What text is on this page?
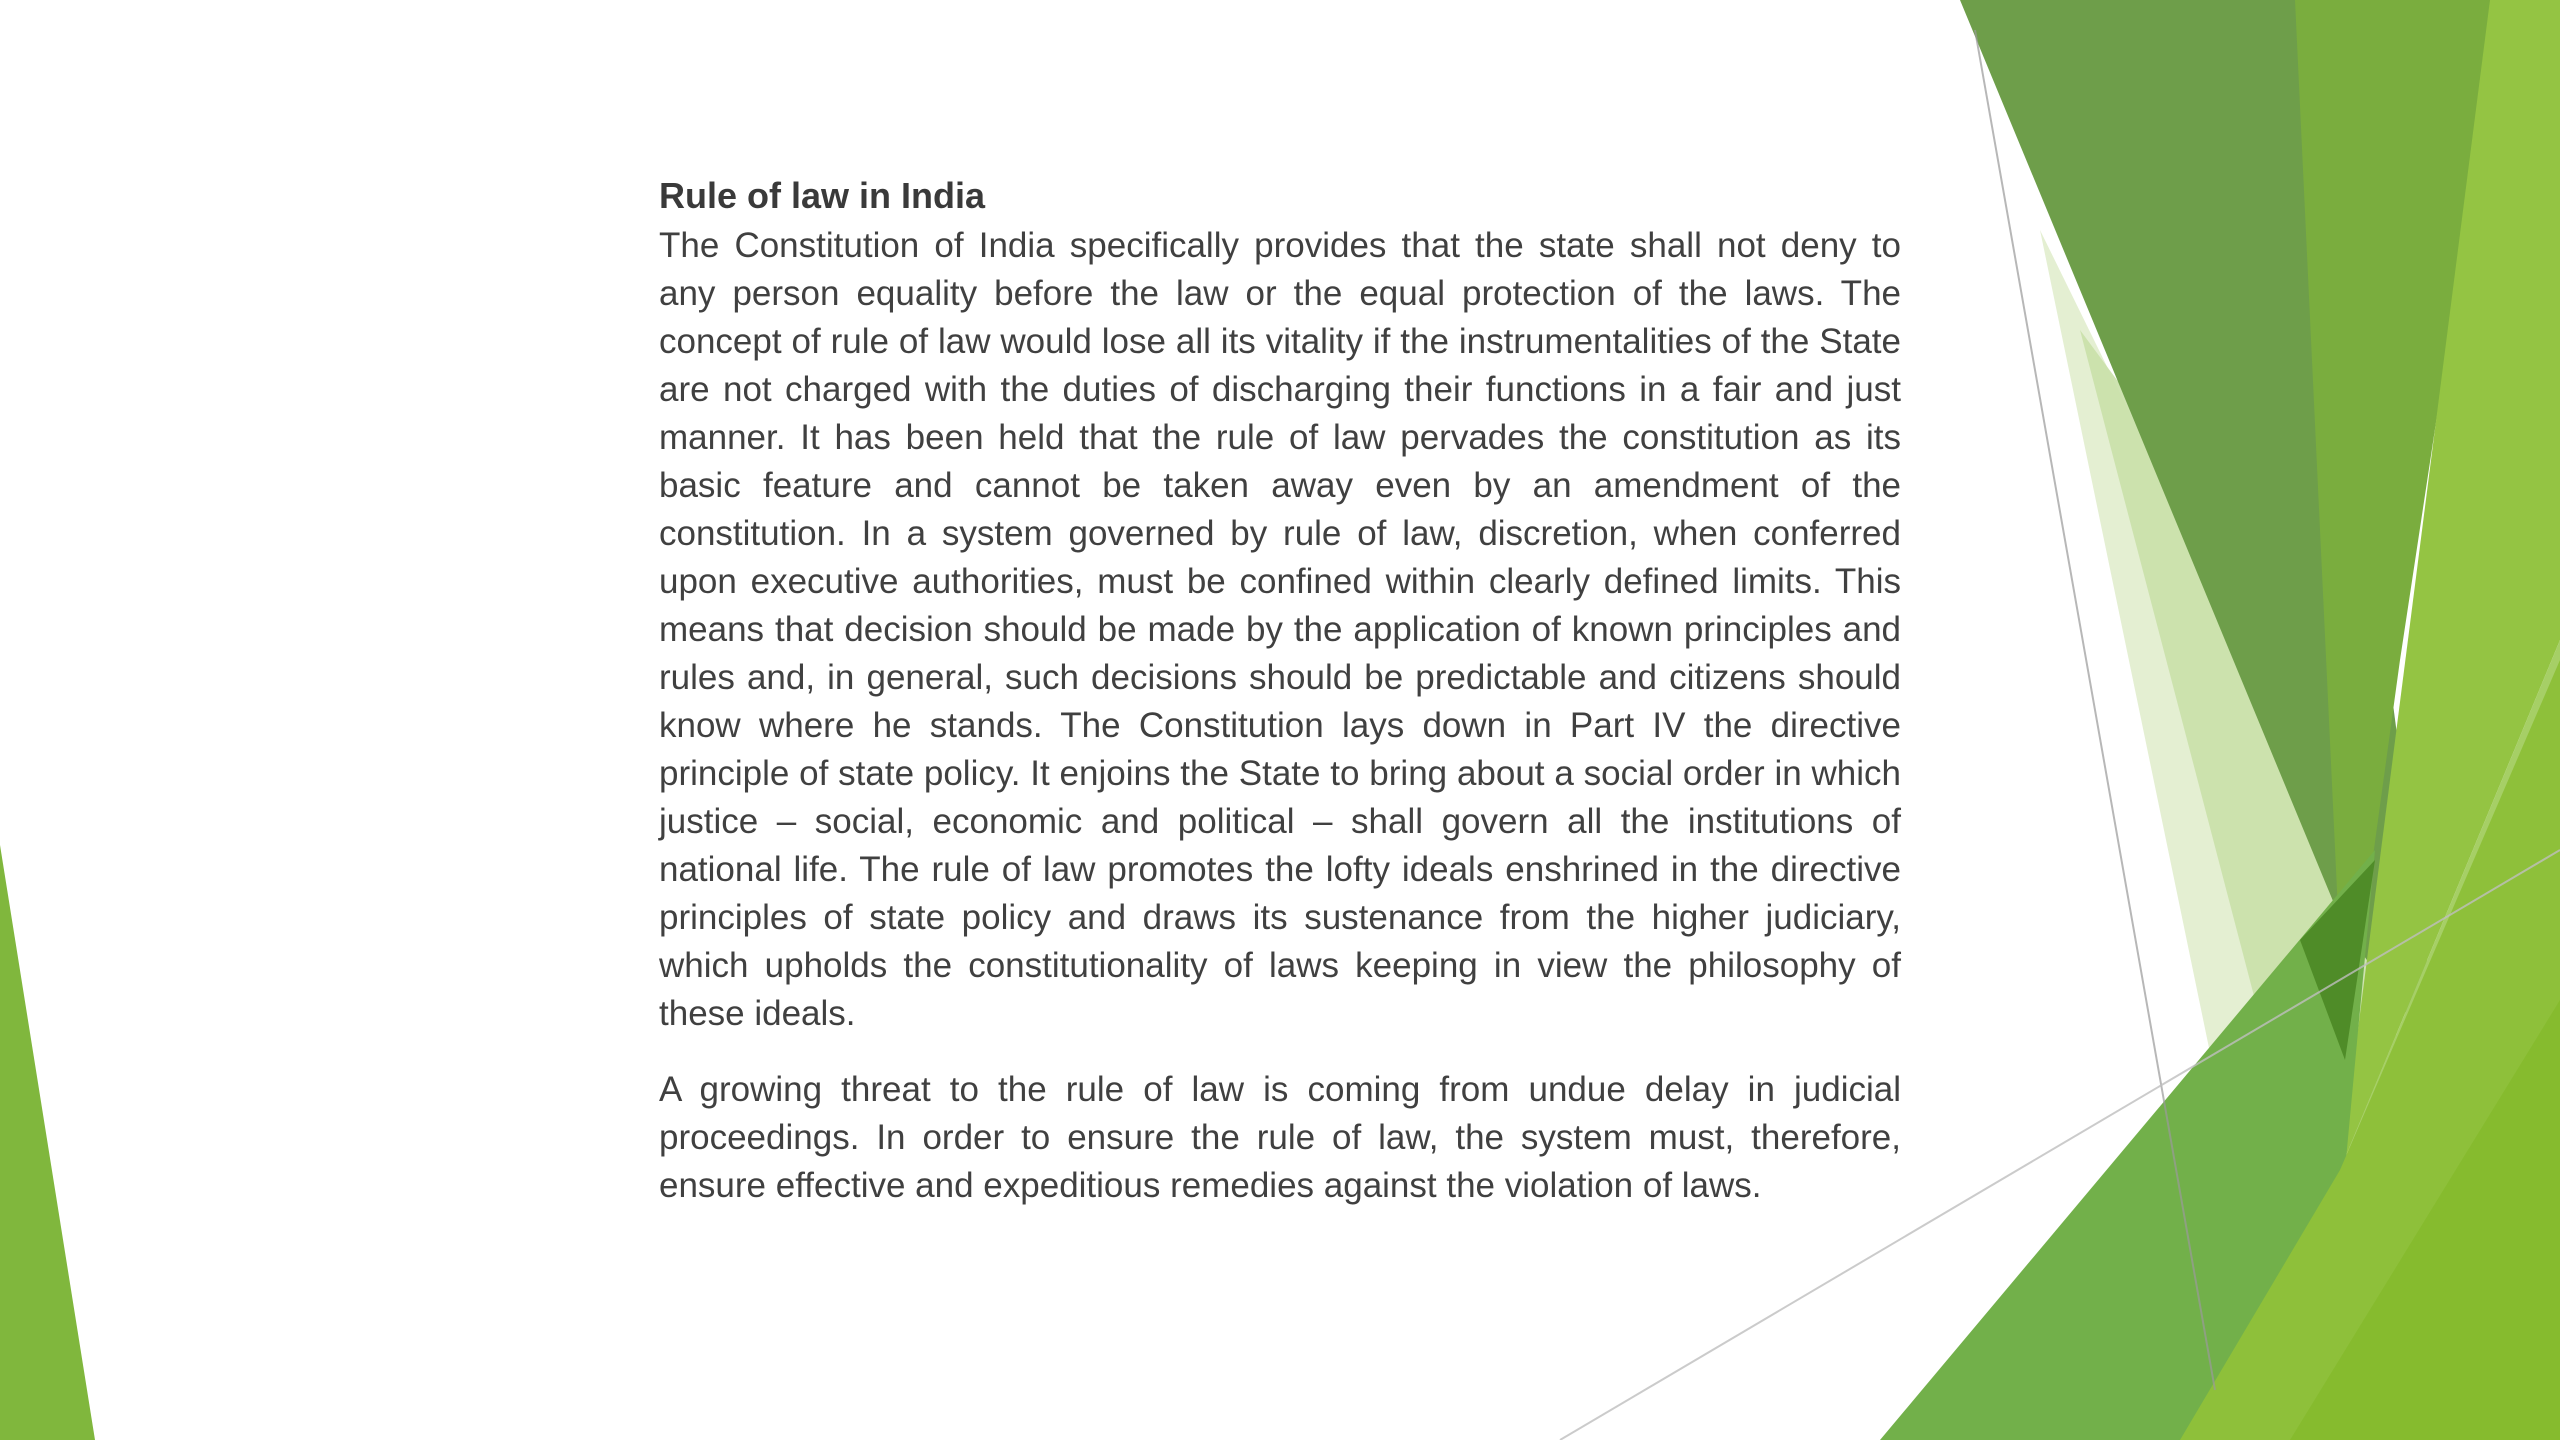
Rule of law in India

The Constitution of India specifically provides that the state shall not deny to any person equality before the law or the equal protection of the laws. The concept of rule of law would lose all its vitality if the instrumentalities of the State are not charged with the duties of discharging their functions in a fair and just manner. It has been held that the rule of law pervades the constitution as its basic feature and cannot be taken away even by an amendment of the constitution. In a system governed by rule of law, discretion, when conferred upon executive authorities, must be confined within clearly defined limits. This means that decision should be made by the application of known principles and rules and, in general, such decisions should be predictable and citizens should know where he stands. The Constitution lays down in Part IV the directive principle of state policy. It enjoins the State to bring about a social order in which justice – social, economic and political – shall govern all the institutions of national life. The rule of law promotes the lofty ideals enshrined in the directive principles of state policy and draws its sustenance from the higher judiciary, which upholds the constitutionality of laws keeping in view the philosophy of these ideals.

A growing threat to the rule of law is coming from undue delay in judicial proceedings. In order to ensure the rule of law, the system must, therefore, ensure effective and expeditious remedies against the violation of laws.
